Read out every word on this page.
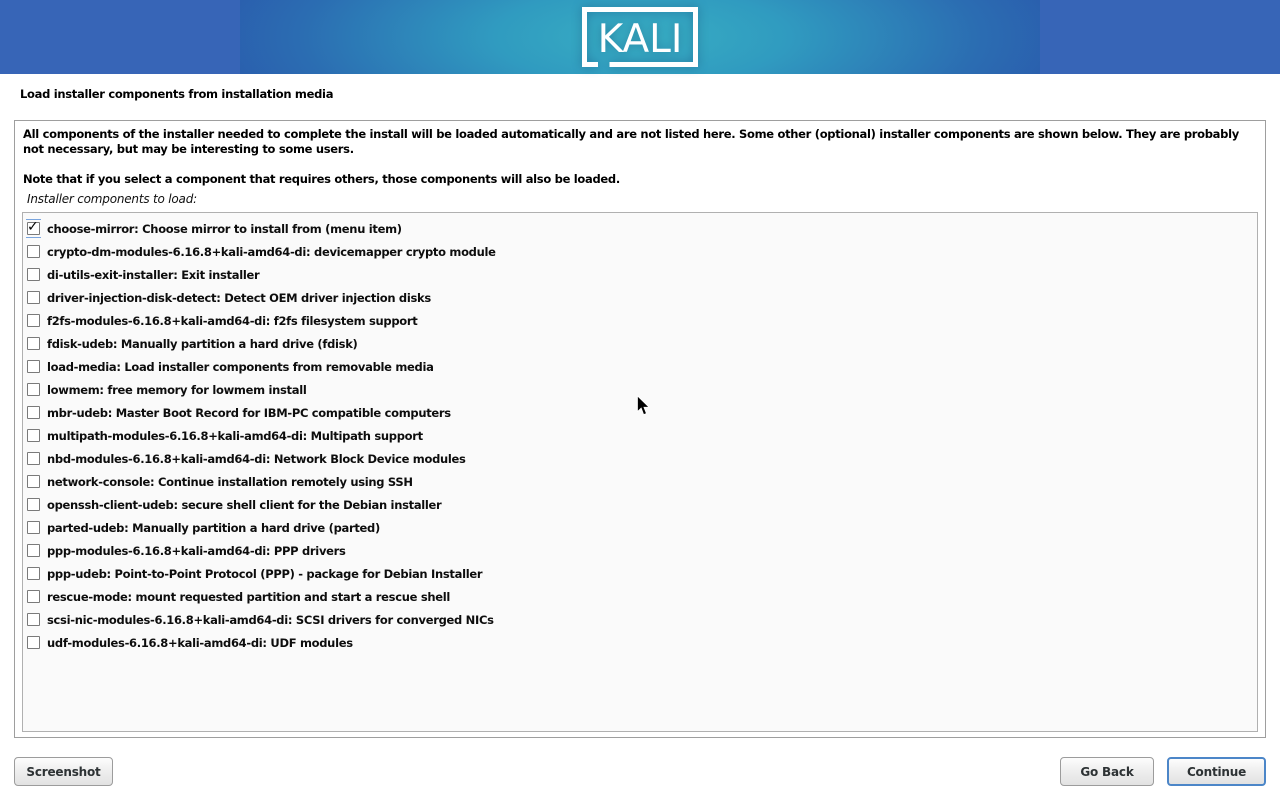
KALI
Load installer components from installation media
All components of the installer needed to complete the install will be loaded automatically and are not listed here. Some other (optional) installer components are shown below. They are probably not necessary, but may be interesting to some users.
Note that if you select a component that requires others, those components will also be loaded.
Installer components to load:
✓ choose-mirror: Choose mirror to install from (menu item)
crypto-dm-modules-6.16.8+kali-amd64-di: devicemapper crypto module
di-utils-exit-installer: Exit installer
driver-injection-disk-detect: Detect OEM driver injection disks
f2fs-modules-6.16.8+kali-amd64-di: f2fs filesystem support
fdisk-udeb: Manually partition a hard drive (fdisk)
load-media: Load installer components from removable media
lowmem: free memory for lowmem install
mbr-udeb: Master Boot Record for IBM-PC compatible computers
multipath-modules-6.16.8+kali-amd64-di: Multipath support
nbd-modules-6.16.8+kali-amd64-di: Network Block Device modules
network-console: Continue installation remotely using SSH
openssh-client-udeb: secure shell client for the Debian installer
parted-udeb: Manually partition a hard drive (parted)
ppp-modules-6.16.8+kali-amd64-di: PPP drivers
ppp-udeb: Point-to-Point Protocol (PPP) - package for Debian Installer
rescue-mode: mount requested partition and start a rescue shell
scsi-nic-modules-6.16.8+kali-amd64-di: SCSI drivers for converged NICs
udf-modules-6.16.8+kali-amd64-di: UDF modules
Screenshot	Go Back	Continue
